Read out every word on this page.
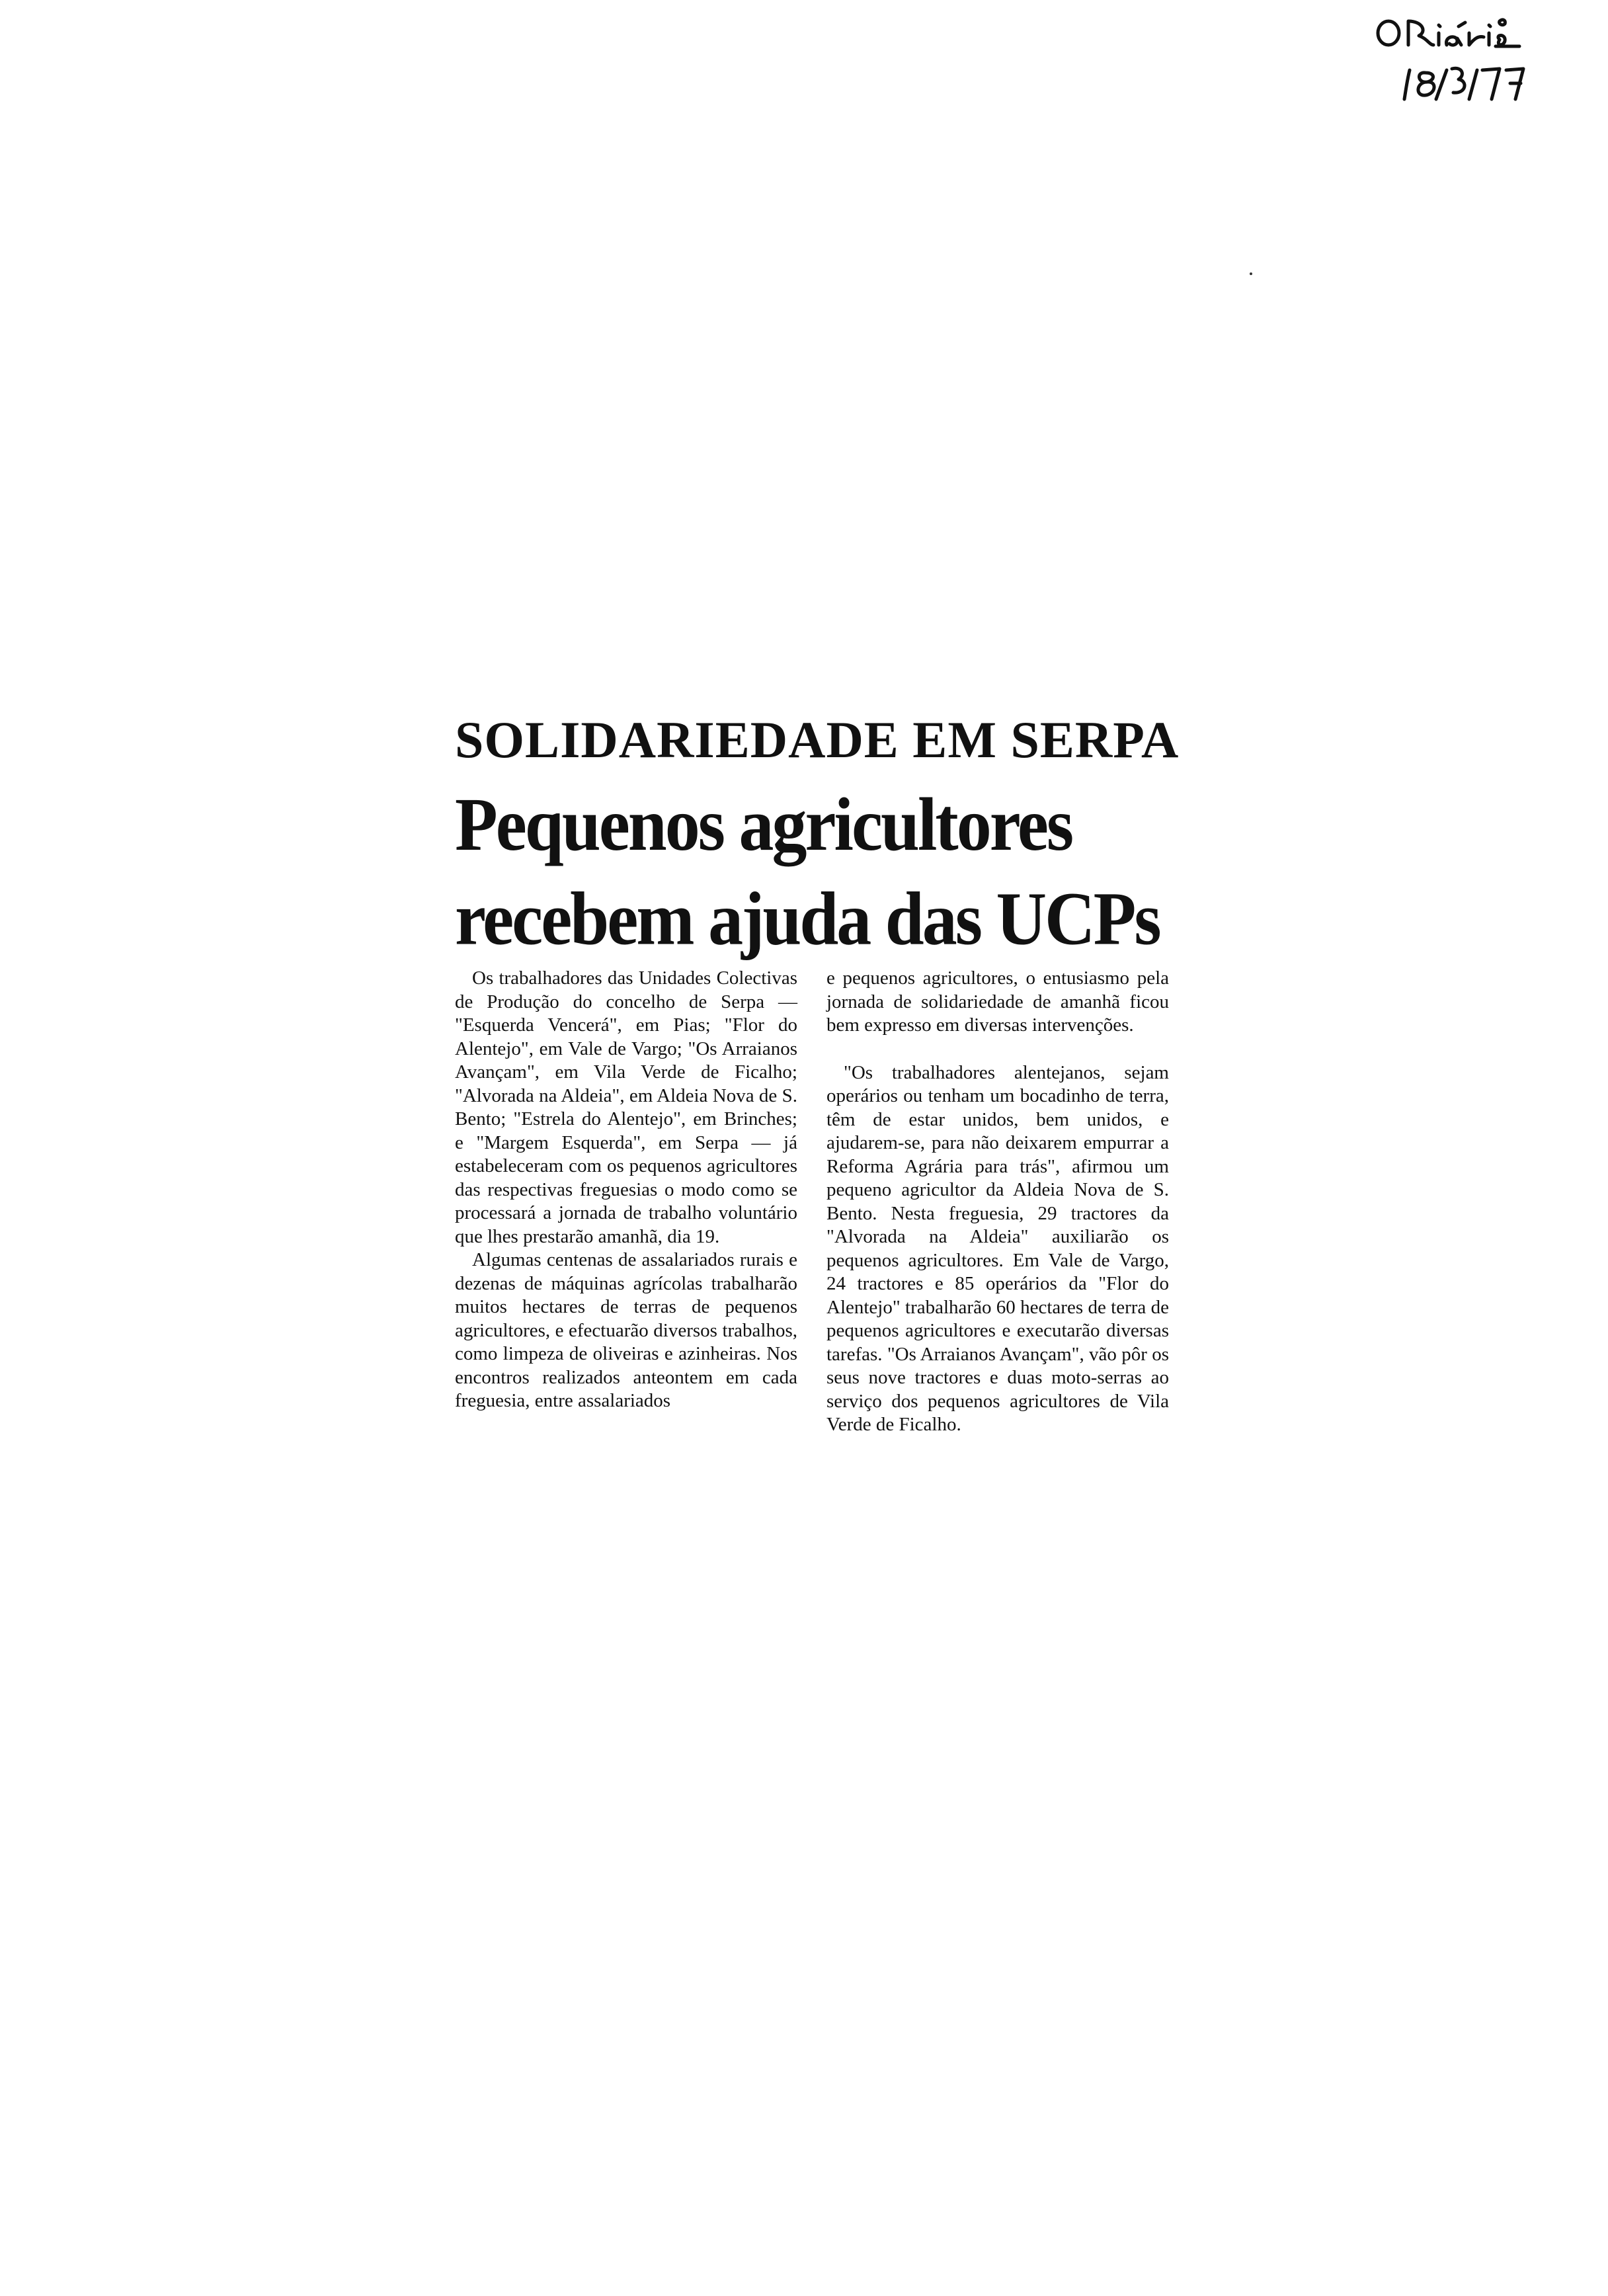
SOLIDARIEDADE EM SERPA
Pequenos agricultores
recebem ajuda das UCPs

Os trabalhadores das Unidades Colectivas de Produção do concelho de Serpa — "Esquerda Vencerá", em Pias; "Flor do Alentejo", em Vale de Vargo; "Os Arraianos Avançam", em Vila Verde de Ficalho; "Alvorada na Aldeia", em Aldeia Nova de S. Bento; "Estrela do Alentejo", em Brinches; e "Margem Esquerda", em Serpa — já estabeleceram com os pequenos agricultores das respectivas freguesias o modo como se processará a jornada de trabalho voluntário que lhes prestarão amanhã, dia 19.

Algumas centenas de assalariados rurais e dezenas de máquinas agrícolas trabalharão muitos hectares de terras de pequenos agricultores, e efectuarão diversos trabalhos, como limpeza de oliveiras e azinheiras. Nos encontros realizados anteontem em cada freguesia, entre assalariados

e pequenos agricultores, o entusiasmo pela jornada de solidariedade de amanhã ficou bem expresso em diversas intervenções.

"Os trabalhadores alentejanos, sejam operários ou tenham um bocadinho de terra, têm de estar unidos, bem unidos, e ajudarem-se, para não deixarem empurrar a Reforma Agrária para trás", afirmou um pequeno agricultor da Aldeia Nova de S. Bento. Nesta freguesia, 29 tractores da "Alvorada na Aldeia" auxiliarão os pequenos agricultores. Em Vale de Vargo, 24 tractores e 85 operários da "Flor do Alentejo" trabalharão 60 hectares de terra de pequenos agricultores e executarão diversas tarefas. "Os Arraianos Avançam", vão pôr os seus nove tractores e duas moto-serras ao serviço dos pequenos agricultores de Vila Verde de Ficalho.
